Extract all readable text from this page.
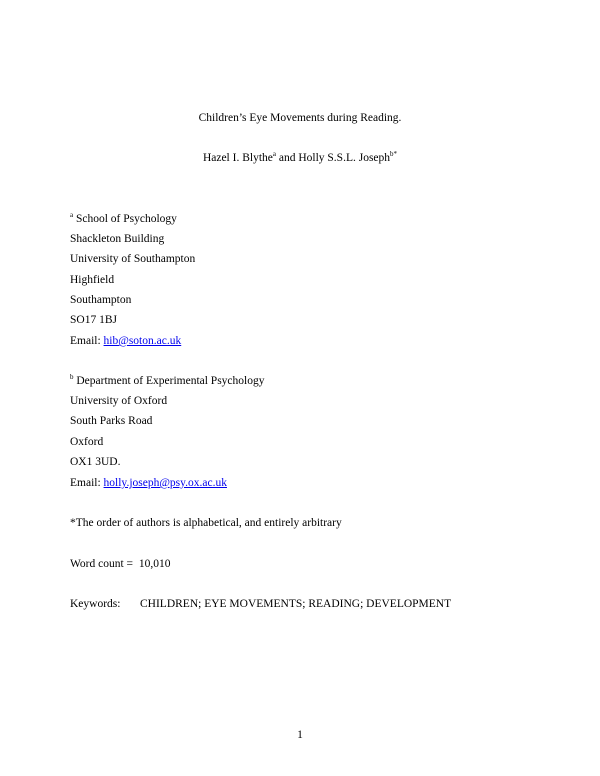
Children’s Eye Movements during Reading.
Hazel I. Blythe$^a$ and Holly S.S.L. Joseph$^{b*}$
$^a$ School of Psychology
Shackleton Building
University of Southampton
Highfield
Southampton
SO17 1BJ
Email: hib@soton.ac.uk
$^b$ Department of Experimental Psychology
University of Oxford
South Parks Road
Oxford
OX1 3UD.
Email: holly.joseph@psy.ox.ac.uk
*The order of authors is alphabetical, and entirely arbitrary
Word count = 10,010
Keywords: CHILDREN; EYE MOVEMENTS; READING; DEVELOPMENT
1
